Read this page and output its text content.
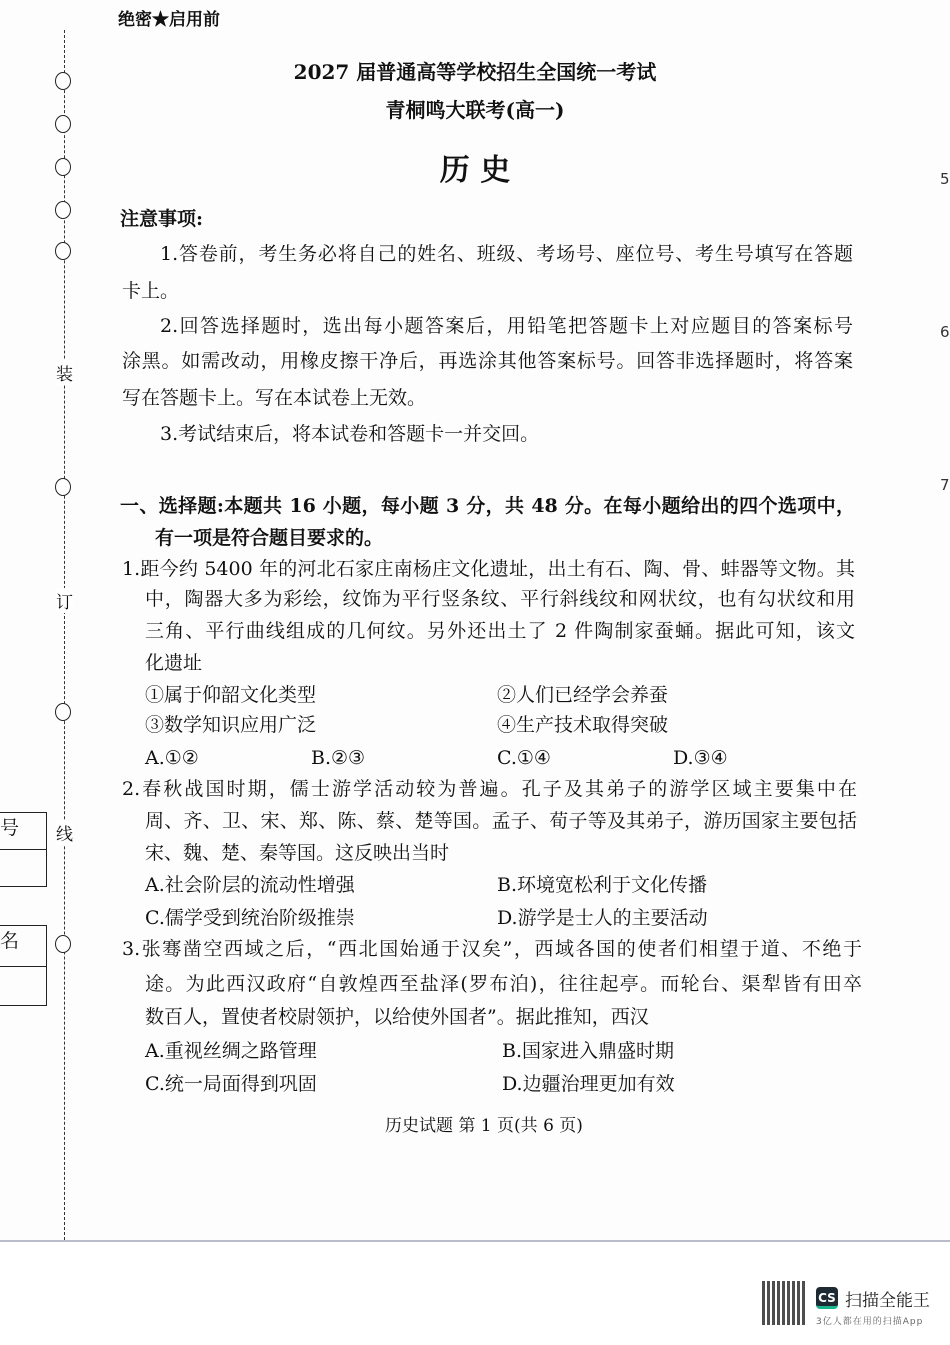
绝密★启用前
2027 届普通高等学校招生全国统一考试
青桐鸣大联考(高一)
历 史
注意事项:
1.答卷前，考生务必将自己的姓名、班级、考场号、座位号、考生号填写在答题
卡上。
2.回答选择题时，选出每小题答案后，用铅笔把答题卡上对应题目的答案标号
涂黑。如需改动，用橡皮擦干净后，再选涂其他答案标号。回答非选择题时，将答案
写在答题卡上。写在本试卷上无效。
3.考试结束后，将本试卷和答题卡一并交回。
一、选择题:本题共 16 小题，每小题 3 分，共 48 分。在每小题给出的四个选项中，
有一项是符合题目要求的。
1.距今约 5400 年的河北石家庄南杨庄文化遗址，出土有石、陶、骨、蚌器等文物。其
中，陶器大多为彩绘，纹饰为平行竖条纹、平行斜线纹和网状纹，也有勾状纹和用
三角、平行曲线组成的几何纹。另外还出土了 2 件陶制家蚕蛹。据此可知，该文
化遗址
①属于仰韶文化类型	②人们已经学会养蚕
③数学知识应用广泛	④生产技术取得突破
A.①②	B.②③	C.①④	D.③④
2.春秋战国时期，儒士游学活动较为普遍。孔子及其弟子的游学区域主要集中在
周、齐、卫、宋、郑、陈、蔡、楚等国。孟子、荀子等及其弟子，游历国家主要包括
宋、魏、楚、秦等国。这反映出当时
A.社会阶层的流动性增强	B.环境宽松利于文化传播
C.儒学受到统治阶级推崇	D.游学是士人的主要活动
3.张骞凿空西域之后，“西北国始通于汉矣”，西域各国的使者们相望于道、不绝于
途。为此西汉政府“自敦煌西至盐泽(罗布泊)，往往起亭。而轮台、渠犁皆有田卒
数百人，置使者校尉领护，以给使外国者”。据此推知，西汉
A.重视丝绸之路管理	B.国家进入鼎盛时期
C.统一局面得到巩固	D.边疆治理更加有效
历史试题 第 1 页(共 6 页)
装
订
线
号
名
5
6
7
CS 扫描全能王
3亿人都在用的扫描App
